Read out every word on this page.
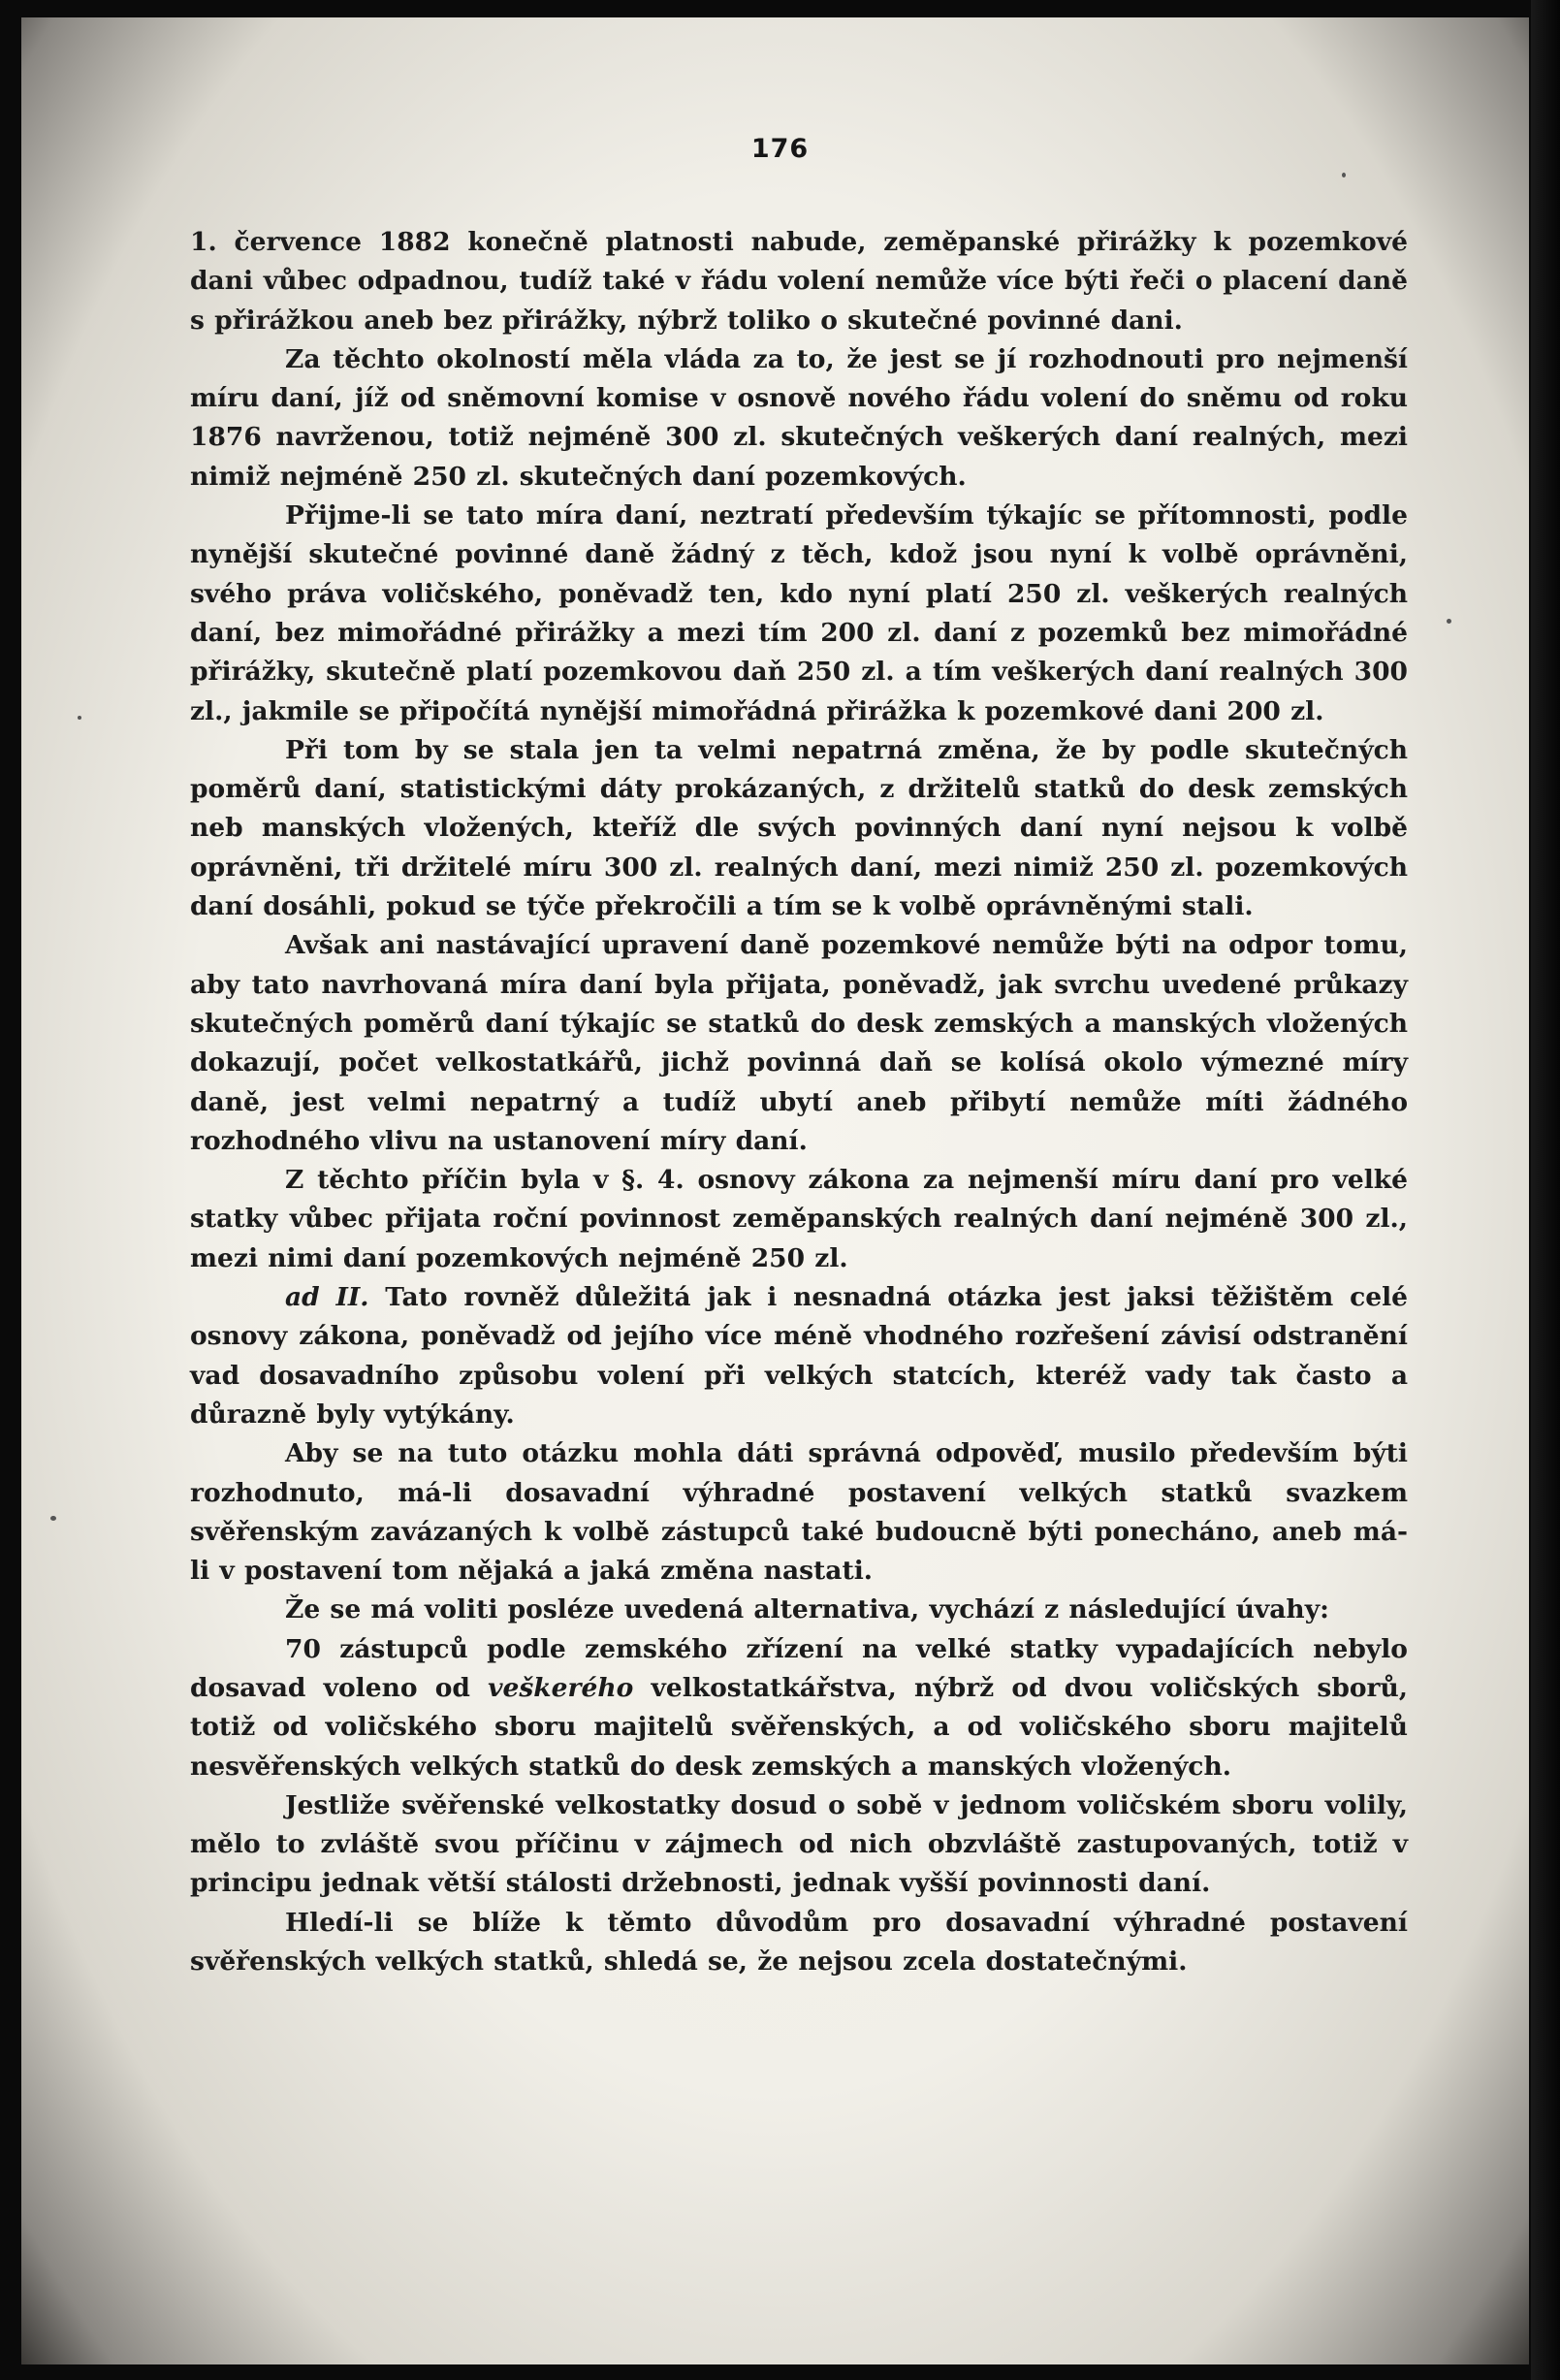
176

1. července 1882 konečně platnosti nabude, zeměpanské přirážky k pozemkové dani vůbec odpadnou, tudíž také v řádu volení nemůže více býti řeči o placení daně s přirážkou aneb bez přirážky, nýbrž toliko o skutečné povinné dani.

Za těchto okolností měla vláda za to, že jest se jí rozhodnouti pro nejmenší míru daní, jíž od sněmovní komise v osnově nového řádu volení do sněmu od roku 1876 navrženou, totiž nejméně 300 zl. skutečných veškerých daní realných, mezi nimiž nejméně 250 zl. skutečných daní pozemkových.

Přijme-li se tato míra daní, neztratí především týkajíc se přítomnosti, podle nynější skutečné povinné daně žádný z těch, kdož jsou nyní k volbě oprávněni, svého práva voličského, poněvadž ten, kdo nyní platí 250 zl. veškerých realných daní, bez mimořádné přirážky a mezi tím 200 zl. daní z pozemků bez mimořádné přirážky, skutečně platí pozemkovou daň 250 zl. a tím veškerých daní realných 300 zl., jakmile se připočítá nynější mimořádná přirážka k pozemkové dani 200 zl.

Při tom by se stala jen ta velmi nepatrná změna, že by podle skutečných poměrů daní, statistickými dáty prokázaných, z držitelů statků do desk zemských neb manských vložených, kteříž dle svých povinných daní nyní nejsou k volbě oprávněni, tři držitelé míru 300 zl. realných daní, mezi nimiž 250 zl. pozemkových daní dosáhli, pokud se týče překročili a tím se k volbě oprávněnými stali.

Avšak ani nastávající upravení daně pozemkové nemůže býti na odpor tomu, aby tato navrhovaná míra daní byla přijata, poněvadž, jak svrchu uvedené průkazy skutečných poměrů daní týkajíc se statků do desk zemských a manských vložených dokazují, počet velkostatkářů, jichž povinná daň se kolísá okolo výmezné míry daně, jest velmi nepatrný a tudíž ubytí aneb přibytí nemůže míti žádného rozhodného vlivu na ustanovení míry daní.

Z těchto příčin byla v §. 4. osnovy zákona za nejmenší míru daní pro velké statky vůbec přijata roční povinnost zeměpanských realných daní nejméně 300 zl., mezi nimi daní pozemkových nejméně 250 zl.

ad II. Tato rovněž důležitá jak i nesnadná otázka jest jaksi těžištěm celé osnovy zákona, poněvadž od jejího více méně vhodného rozřešení závisí odstranění vad dosavadního způsobu volení při velkých statcích, kteréž vady tak často a důrazně byly vytýkány.

Aby se na tuto otázku mohla dáti správná odpověď, musilo především býti rozhodnuto, má-li dosavadní výhradné postavení velkých statků svazkem svěřenským zavázaných k volbě zástupců také budoucně býti ponecháno, aneb má-li v postavení tom nějaká a jaká změna nastati.

Že se má voliti posléze uvedená alternativa, vychází z následující úvahy:

70 zástupců podle zemského zřízení na velké statky vypadajících nebylo dosavad voleno od veškerého velkostatkářstva, nýbrž od dvou voličských sborů, totiž od voličského sboru majitelů svěřenských, a od voličského sboru majitelů nesvěřenských velkých statků do desk zemských a manských vložených.

Jestliže svěřenské velkostatky dosud o sobě v jednom voličském sboru volily, mělo to zvláště svou příčinu v zájmech od nich obzvláště zastupovaných, totiž v principu jednak větší stálosti držebnosti, jednak vyšší povinnosti daní.

Hledí-li se blíže k těmto důvodům pro dosavadní výhradné postavení svěřenských velkých statků, shledá se, že nejsou zcela dostatečnými.
